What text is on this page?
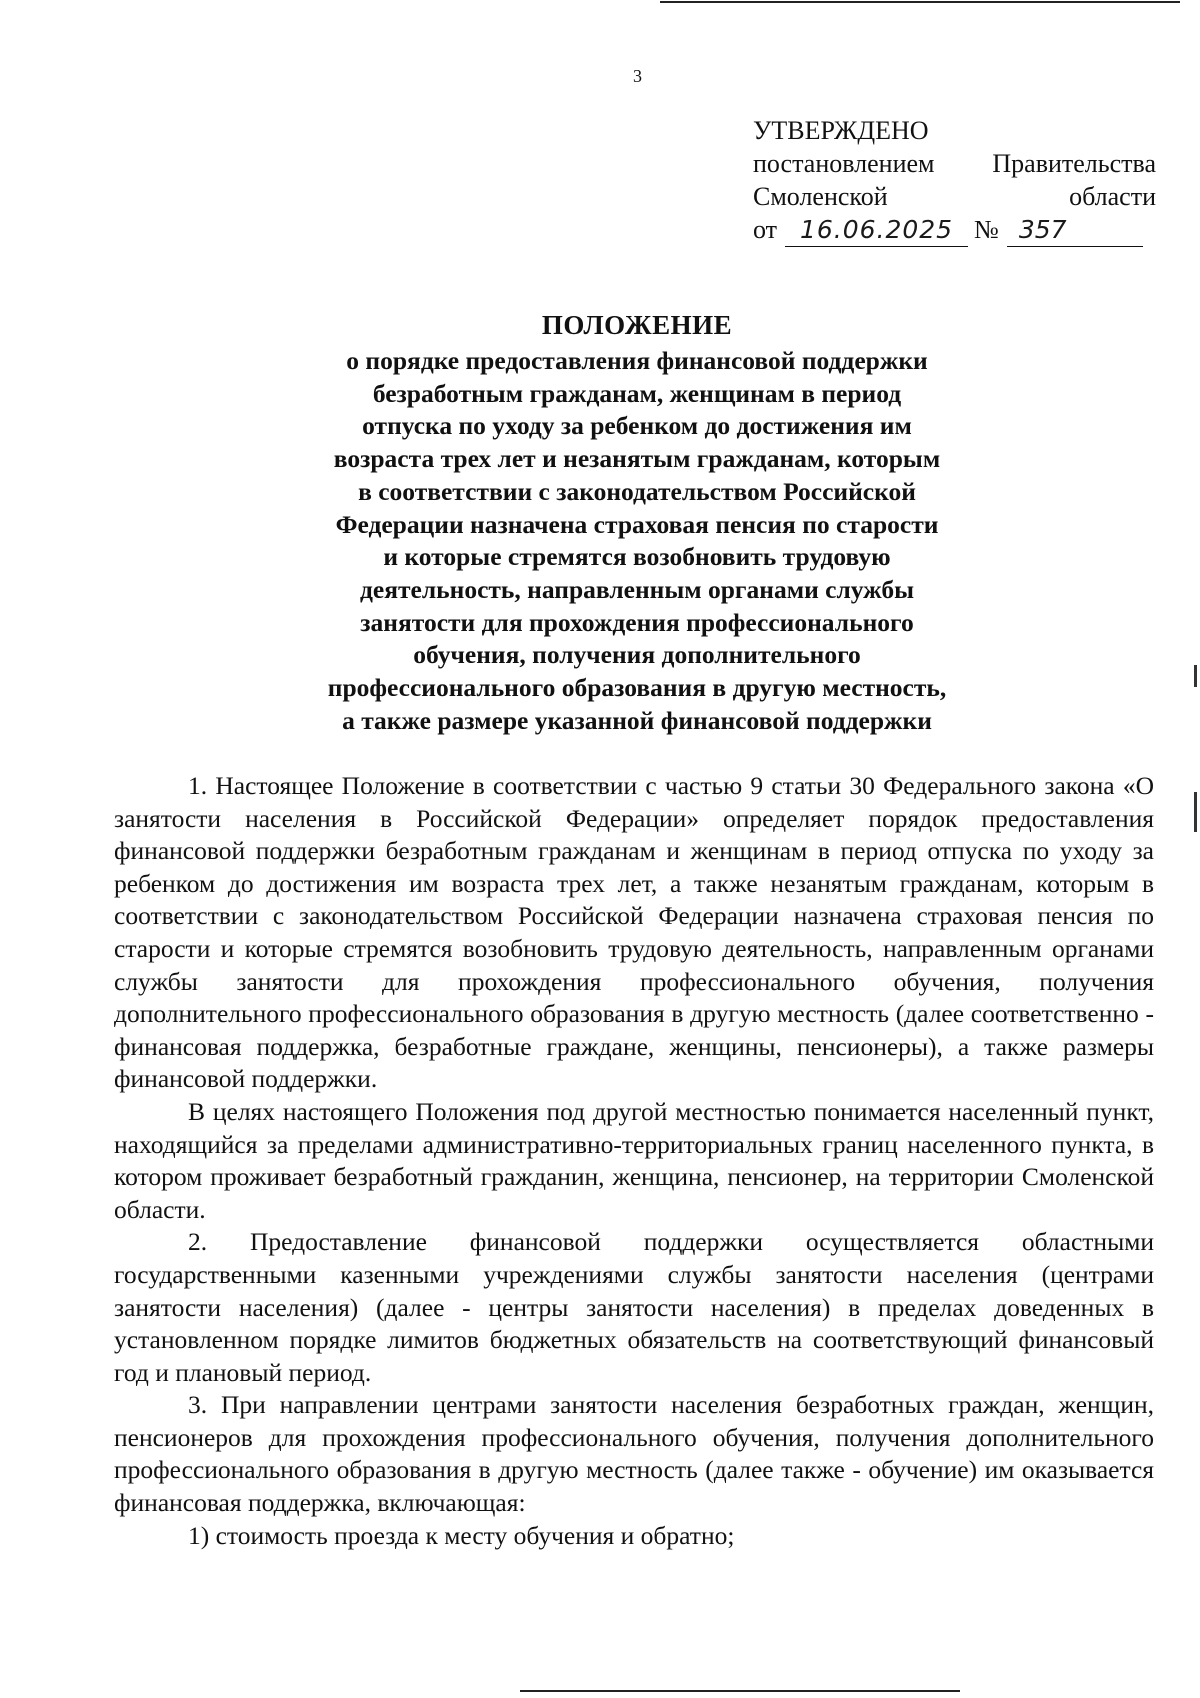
3
УТВЕРЖДЕНО
постановлением Правительства
Смоленской	области
от 16.06.2025 № 357
ПОЛОЖЕНИЕ
о порядке предоставления финансовой поддержки
безработным гражданам, женщинам в период
отпуска по уходу за ребенком до достижения им
возраста трех лет и незанятым гражданам, которым
в соответствии с законодательством Российской
Федерации назначена страховая пенсия по старости
и которые стремятся возобновить трудовую
деятельность, направленным органами службы
занятости для прохождения профессионального
обучения, получения дополнительного
профессионального образования в другую местность,
а также размере указанной финансовой поддержки

1. Настоящее Положение в соответствии с частью 9 статьи 30 Федерального закона «О занятости населения в Российской Федерации» определяет порядок предоставления финансовой поддержки безработным гражданам и женщинам в период отпуска по уходу за ребенком до достижения им возраста трех лет, а также незанятым гражданам, которым в соответствии с законодательством Российской Федерации назначена страховая пенсия по старости и которые стремятся возобновить трудовую деятельность, направленным органами службы занятости для прохождения профессионального обучения, получения дополнительного профессионального образования в другую местность (далее соответственно - финансовая поддержка, безработные граждане, женщины, пенсионеры), а также размеры финансовой поддержки.

В целях настоящего Положения под другой местностью понимается населенный пункт, находящийся за пределами административно-территориальных границ населенного пункта, в котором проживает безработный гражданин, женщина, пенсионер, на территории Смоленской области.

2. Предоставление финансовой поддержки осуществляется областными государственными казенными учреждениями службы занятости населения (центрами занятости населения) (далее - центры занятости населения) в пределах доведенных в установленном порядке лимитов бюджетных обязательств на соответствующий финансовый год и плановый период.

3. При направлении центрами занятости населения безработных граждан, женщин, пенсионеров для прохождения профессионального обучения, получения дополнительного профессионального образования в другую местность (далее также - обучение) им оказывается финансовая поддержка, включающая:

1) стоимость проезда к месту обучения и обратно;
